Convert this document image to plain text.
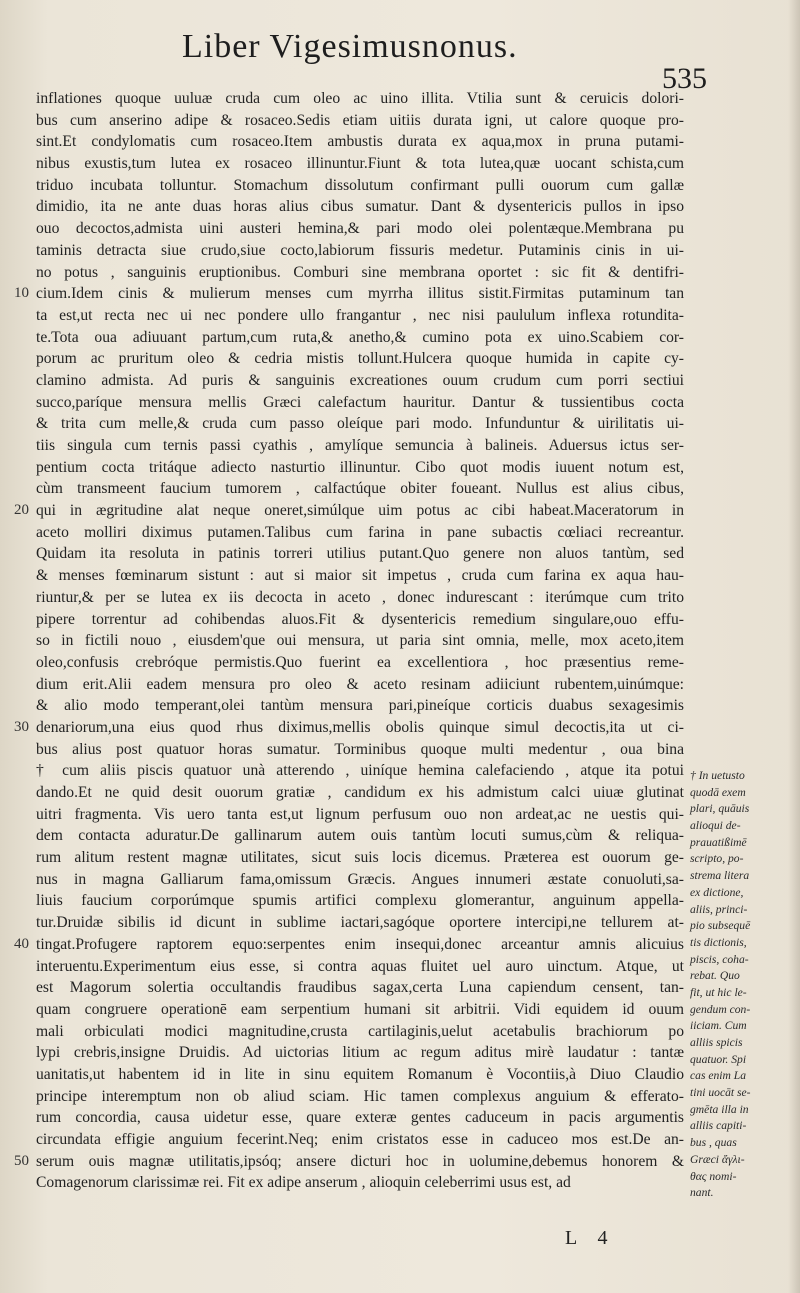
Liber Vigesimusnonus.
535
inflationes quoque uuluæ cruda cum oleo ac uino illita. Vtilia sunt & ceruicis dolori-
bus cum anserino adipe & rosaceo.Sedis etiam uitiis durata igni, ut calore quoque pro-
sint.Et condylomatis cum rosaceo.Item ambustis durata ex aqua,mox in pruna putami-
nibus exustis,tum lutea ex rosaceo illinuntur.Fiunt & tota lutea,quæ uocant schista,cum
triduo incubata tolluntur. Stomachum dissolutum confirmant pulli ouorum cum gallæ
dimidio, ita ne ante duas horas alius cibus sumatur. Dant & dysentericis pullos in ipso
ouo decoctos,admista uini austeri hemina,& pari modo olei polentæque.Membrana pu
taminis detracta siue crudo,siue cocto,labiorum fissuris medetur. Putaminis cinis in ui-
no potus , sanguinis eruptionibus. Comburi sine membrana oportet : sic fit & dentifri-
cium.Idem cinis & mulierum menses cum myrrha illitus sistit.Firmitas putaminum tan
ta est,ut recta nec ui nec pondere ullo frangantur , nec nisi paululum inflexa rotundita-
te.Tota oua adiuuant partum,cum ruta,& anetho,& cumino pota ex uino.Scabiem cor-
porum ac pruritum oleo & cedria mistis tollunt.Hulcera quoque humida in capite cy-
clamino admista. Ad puris & sanguinis excreationes ouum crudum cum porri sectiui
succo,paríque mensura mellis Græci calefactum hauritur. Dantur & tussientibus cocta
& trita cum melle,& cruda cum passo oleíque pari modo. Infunduntur & uirilitatis ui-
tiis singula cum ternis passi cyathis , amylíque semuncia à balineis. Aduersus ictus ser-
pentium cocta tritáque adiecto nasturtio illinuntur. Cibo quot modis iuuent notum est,
cùm transmeent faucium tumorem , calfactúque obiter foueant. Nullus est alius cibus,
qui in ægritudine alat neque oneret,simúlque uim potus ac cibi habeat.Maceratorum in
aceto molliri diximus putamen.Talibus cum farina in pane subactis cœliaci recreantur.
Quidam ita resoluta in patinis torreri utilius putant.Quo genere non aluos tantùm, sed
& menses fœminarum sistunt : aut si maior sit impetus , cruda cum farina ex aqua hau-
riuntur,& per se lutea ex iis decocta in aceto , donec indurescant : iterúmque cum trito
pipere torrentur ad cohibendas aluos.Fit & dysentericis remedium singulare,ouo effu-
so in fictili nouo , eiusdem'que oui mensura, ut paria sint omnia, melle, mox aceto,item
oleo,confusis crebróque permistis.Quo fuerint ea excellentiora , hoc præsentius reme-
dium erit.Alii eadem mensura pro oleo & aceto resinam adiiciunt rubentem,uinúmque:
& alio modo temperant,olei tantùm mensura pari,pineíque corticis duabus sexagesimis
denariorum,una eius quod rhus diximus,mellis obolis quinque simul decoctis,ita ut ci-
bus alius post quatuor horas sumatur. Torminibus quoque multi medentur , oua bina
† cum aliis piscis quatuor unà atterendo , uiníque hemina calefaciendo , atque ita potui
dando.Et ne quid desit ouorum gratiæ , candidum ex his admistum calci uiuæ glutinat
uitri fragmenta. Vis uero tanta est,ut lignum perfusum ouo non ardeat,ac ne uestis qui-
dem contacta aduratur.De gallinarum autem ouis tantùm locuti sumus,cùm & reliqua-
rum alitum restent magnæ utilitates, sicut suis locis dicemus. Præterea est ouorum ge-
nus in magna Galliarum fama,omissum Græcis. Angues innumeri æstate conuoluti,sa-
liuis faucium corporúmque spumis artifici complexu glomerantur, anguinum appella-
tur.Druidæ sibilis id dicunt in sublime iactari,sagóque oportere intercipi,ne tellurem at-
tingat.Profugere raptorem equo:serpentes enim insequi,donec arceantur amnis alicuius
interuentu.Experimentum eius esse, si contra aquas fluitet uel auro uinctum. Atque, ut
est Magorum solertia occultandis fraudibus sagax,certa Luna capiendum censent, tan-
quam congruere operationē eam serpentium humani sit arbitrii. Vidi equidem id ouum
mali orbiculati modici magnitudine,crusta cartilaginis,uelut acetabulis brachiorum po
lypi crebris,insigne Druidis. Ad uictorias litium ac regum aditus mirè laudatur : tantæ
uanitatis,ut habentem id in lite in sinu equitem Romanum è Vocontiis,à Diuo Claudio
principe interemptum non ob aliud sciam. Hic tamen complexus anguium & efferato-
rum concordia, causa uidetur esse, quare exteræ gentes caduceum in pacis argumentis
circundata effigie anguium fecerint.Neq; enim cristatos esse in caduceo mos est.De an-
serum ouis magnæ utilitatis,ipsóq; ansere dicturi hoc in uolumine,debemus honorem &
Comagenorum clarissimæ rei. Fit ex adipe anserum , alioquin celeberrimi usus est, ad
10
20
30
40
50
† In uetusto
quodā exem
plari, quāuis
alioqui de-
prauatißimē
scripto, po-
strema litera
ex dictione,
aliis, princi-
pio subsequē
tis dictionis,
piscis, coha-
rebat. Quo
fit, ut hic le-
gendum con-
iiciam. Cum
alliis spicis
quatuor. Spi
cas enim La
tini uocāt se-
gmēta illa in
alliis capiti-
bus , quas
Græci ἄγλι-
θας nomi-
nant.
L 4
